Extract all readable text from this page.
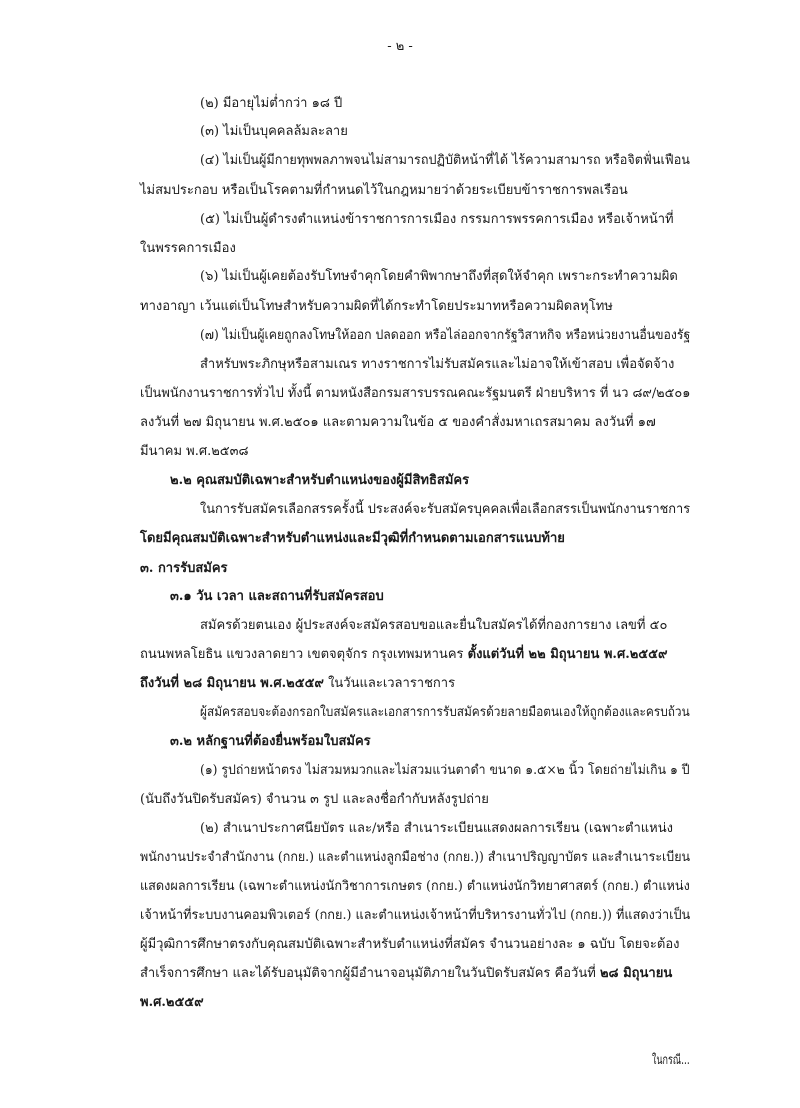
- ๒ -
(๒) มีอายุไม่ต่ำกว่า ๑๘ ปี
(๓) ไม่เป็นบุคคลล้มละลาย
(๔) ไม่เป็นผู้มีกายทุพพลภาพจนไม่สามารถปฏิบัติหน้าที่ได้ ไร้ความสามารถ หรือจิตฟั่นเฟือน
ไม่สมประกอบ หรือเป็นโรคตามที่กำหนดไว้ในกฎหมายว่าด้วยระเบียบข้าราชการพลเรือน
(๕) ไม่เป็นผู้ดำรงตำแหน่งข้าราชการการเมือง กรรมการพรรคการเมือง หรือเจ้าหน้าที่
ในพรรคการเมือง
(๖) ไม่เป็นผู้เคยต้องรับโทษจำคุกโดยคำพิพากษาถึงที่สุดให้จำคุก เพราะกระทำความผิด
ทางอาญา เว้นแต่เป็นโทษสำหรับความผิดที่ได้กระทำโดยประมาทหรือความผิดลหุโทษ
(๗) ไม่เป็นผู้เคยถูกลงโทษให้ออก ปลดออก หรือไล่ออกจากรัฐวิสาหกิจ หรือหน่วยงานอื่นของรัฐ
สำหรับพระภิกษุหรือสามเณร ทางราชการไม่รับสมัครและไม่อาจให้เข้าสอบ เพื่อจัดจ้าง
เป็นพนักงานราชการทั่วไป ทั้งนี้ ตามหนังสือกรมสารบรรณคณะรัฐมนตรี ฝ่ายบริหาร ที่ นว ๘๙/๒๕๐๑
ลงวันที่ ๒๗ มิถุนายน พ.ศ.๒๕๐๑ และตามความในข้อ ๕ ของคำสั่งมหาเถรสมาคม ลงวันที่ ๑๗
มีนาคม พ.ศ.๒๕๓๘
๒.๒ คุณสมบัติเฉพาะสำหรับตำแหน่งของผู้มีสิทธิสมัคร
ในการรับสมัครเลือกสรรครั้งนี้ ประสงค์จะรับสมัครบุคคลเพื่อเลือกสรรเป็นพนักงานราชการ
โดยมีคุณสมบัติเฉพาะสำหรับตำแหน่งและมีวุฒิที่กำหนดตามเอกสารแนบท้าย
๓. การรับสมัคร
๓.๑ วัน เวลา และสถานที่รับสมัครสอบ
สมัครด้วยตนเอง ผู้ประสงค์จะสมัครสอบขอและยื่นใบสมัครได้ที่กองการยาง เลขที่ ๕๐
ถนนพหลโยธิน แขวงลาดยาว เขตจตุจักร กรุงเทพมหานคร ตั้งแต่วันที่ ๒๒ มิถุนายน พ.ศ.๒๕๕๙
ถึงวันที่ ๒๘ มิถุนายน พ.ศ.๒๕๕๙ ในวันและเวลาราชการ
ผู้สมัครสอบจะต้องกรอกใบสมัครและเอกสารการรับสมัครด้วยลายมือตนเองให้ถูกต้องและครบถ้วน
๓.๒ หลักฐานที่ต้องยื่นพร้อมใบสมัคร
(๑) รูปถ่ายหน้าตรง ไม่สวมหมวกและไม่สวมแว่นตาดำ ขนาด ๑.๕×๒ นิ้ว โดยถ่ายไม่เกิน ๑ ปี
(นับถึงวันปิดรับสมัคร) จำนวน ๓ รูป และลงชื่อกำกับหลังรูปถ่าย
(๒) สำเนาประกาศนียบัตร และ/หรือ สำเนาระเบียนแสดงผลการเรียน (เฉพาะตำแหน่ง
พนักงานประจำสำนักงาน (กกย.) และตำแหน่งลูกมือช่าง (กกย.)) สำเนาปริญญาบัตร และสำเนาระเบียน
แสดงผลการเรียน (เฉพาะตำแหน่งนักวิชาการเกษตร (กกย.) ตำแหน่งนักวิทยาศาสตร์ (กกย.) ตำแหน่ง
เจ้าหน้าที่ระบบงานคอมพิวเตอร์ (กกย.) และตำแหน่งเจ้าหน้าที่บริหารงานทั่วไป (กกย.)) ที่แสดงว่าเป็น
ผู้มีวุฒิการศึกษาตรงกับคุณสมบัติเฉพาะสำหรับตำแหน่งที่สมัคร จำนวนอย่างละ ๑ ฉบับ โดยจะต้อง
สำเร็จการศึกษา และได้รับอนุมัติจากผู้มีอำนาจอนุมัติภายในวันปิดรับสมัคร คือวันที่ ๒๘ มิถุนายน
พ.ศ.๒๕๕๙
ในกรณี...
